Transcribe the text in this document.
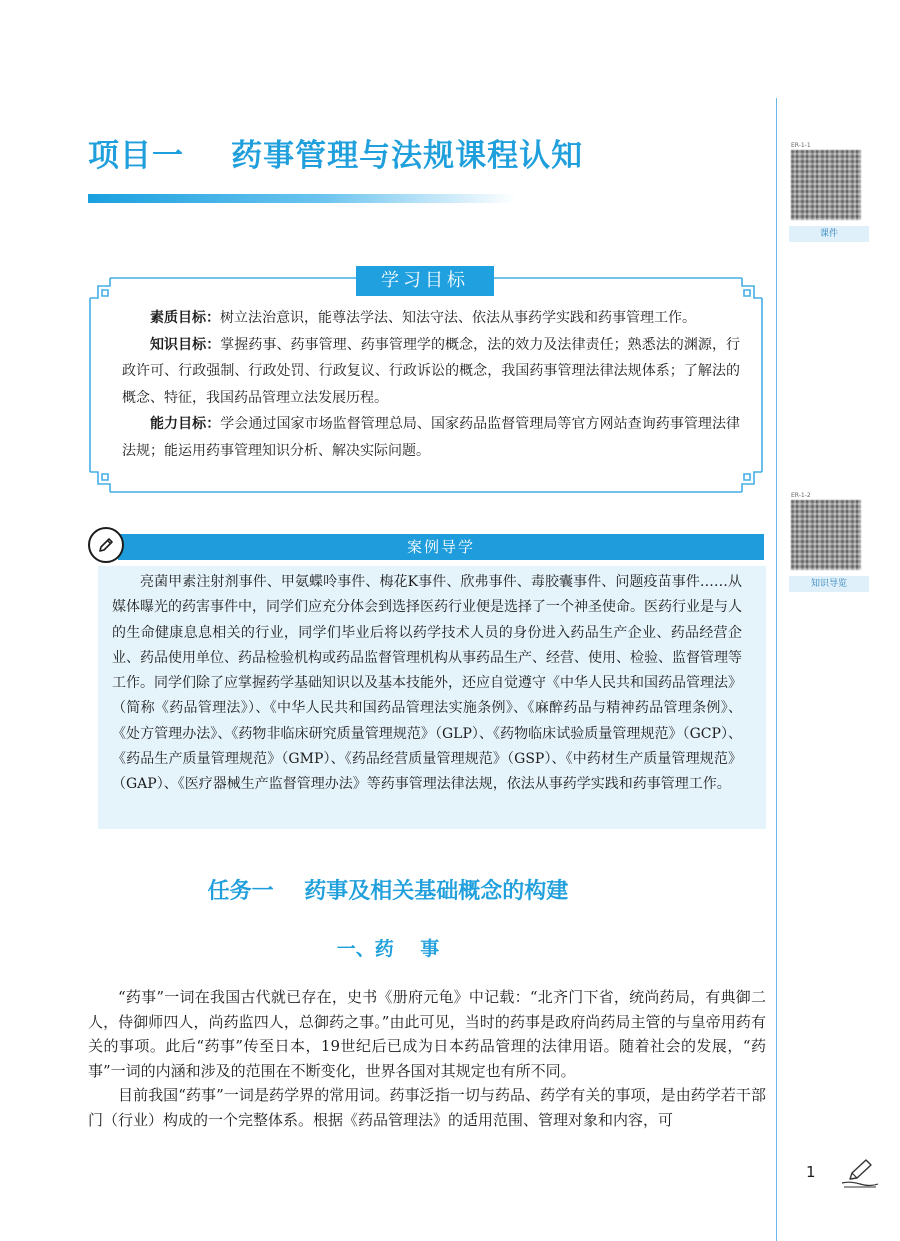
项目一    药事管理与法规课程认知	ER-1-1
课件
ER-1-2
知识导览
学习目标

素质目标：树立法治意识，能尊法学法、知法守法、依法从事药学实践和药事管理工作。

知识目标：掌握药事、药事管理、药事管理学的概念，法的效力及法律责任；熟悉法的渊源，行政许可、行政强制、行政处罚、行政复议、行政诉讼的概念，我国药事管理法律法规体系；了解法的概念、特征，我国药品管理立法发展历程。

能力目标：学会通过国家市场监督管理总局、国家药品监督管理局等官方网站查询药事管理法律法规；能运用药事管理知识分析、解决实际问题。

案例导学

亮菌甲素注射剂事件、甲氨蝶呤事件、梅花K事件、欣弗事件、毒胶囊事件、问题疫苗事件……从媒体曝光的药害事件中，同学们应充分体会到选择医药行业便是选择了一个神圣使命。医药行业是与人的生命健康息息相关的行业，同学们毕业后将以药学技术人员的身份进入药品生产企业、药品经营企业、药品使用单位、药品检验机构或药品监督管理机构从事药品生产、经营、使用、检验、监督管理等工作。同学们除了应掌握药学基础知识以及基本技能外，还应自觉遵守《中华人民共和国药品管理法》（简称《药品管理法》）、《中华人民共和国药品管理法实施条例》、《麻醉药品与精神药品管理条例》、《处方管理办法》、《药物非临床研究质量管理规范》（GLP）、《药物临床试验质量管理规范》（GCP）、《药品生产质量管理规范》（GMP）、《药品经营质量管理规范》（GSP）、《中药材生产质量管理规范》（GAP）、《医疗器械生产监督管理办法》等药事管理法律法规，依法从事药学实践和药事管理工作。

任务一    药事及相关基础概念的构建
一、药    事

“药事”一词在我国古代就已存在，史书《册府元龟》中记载：“北齐门下省，统尚药局，有典御二人，侍御师四人，尚药监四人，总御药之事。”由此可见，当时的药事是政府尚药局主管的与皇帝用药有关的事项。此后“药事”传至日本，19世纪后已成为日本药品管理的法律用语。随着社会的发展，“药事”一词的内涵和涉及的范围在不断变化，世界各国对其规定也有所不同。

目前我国“药事”一词是药学界的常用词。药事泛指一切与药品、药学有关的事项，是由药学若干部门（行业）构成的一个完整体系。根据《药品管理法》的适用范围、管理对象和内容，可

1
